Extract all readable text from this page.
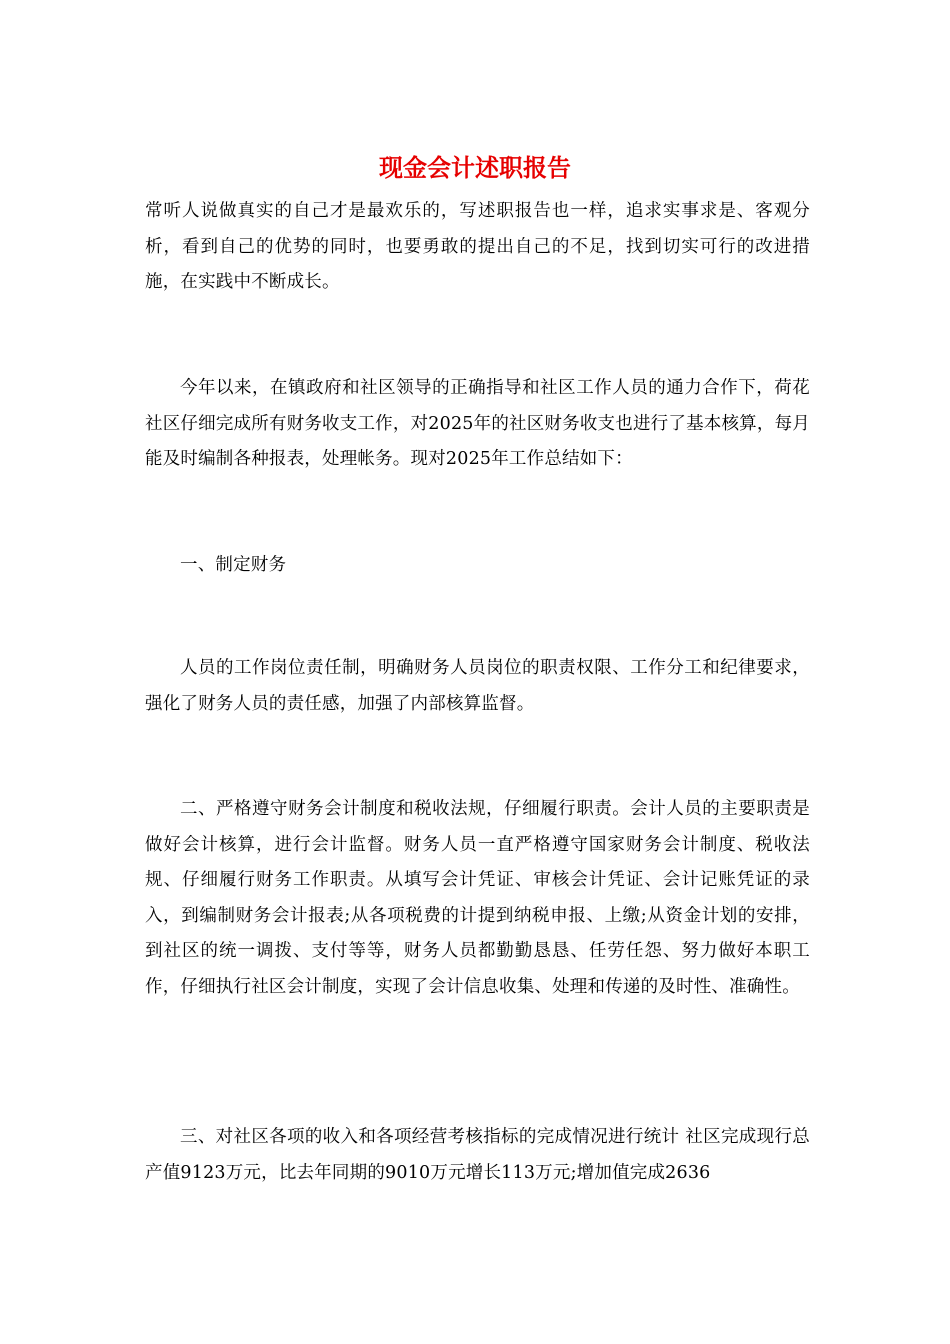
现金会计述职报告

常听人说做真实的自己才是最欢乐的，写述职报告也一样，追求实事求是、客观分析，看到自己的优势的同时，也要勇敢的提出自己的不足，找到切实可行的改进措施，在实践中不断成长。

今年以来，在镇政府和社区领导的正确指导和社区工作人员的通力合作下，荷花社区仔细完成所有财务收支工作，对2025年的社区财务收支也进行了基本核算，每月能及时编制各种报表，处理帐务。现对2025年工作总结如下：

一、制定财务

人员的工作岗位责任制，明确财务人员岗位的职责权限、工作分工和纪律要求，强化了财务人员的责任感，加强了内部核算监督。

二、严格遵守财务会计制度和税收法规，仔细履行职责。会计人员的主要职责是做好会计核算，进行会计监督。财务人员一直严格遵守国家财务会计制度、税收法规、仔细履行财务工作职责。从填写会计凭证、审核会计凭证、会计记账凭证的录入，到编制财务会计报表;从各项税费的计提到纳税申报、上缴;从资金计划的安排，到社区的统一调拨、支付等等，财务人员都勤勤恳恳、任劳任怨、努力做好本职工作，仔细执行社区会计制度，实现了会计信息收集、处理和传递的及时性、准确性。

三、对社区各项的收入和各项经营考核指标的完成情况进行统计 社区完成现行总产值9123万元，比去年同期的9010万元增长113万元;增加值完成2636
